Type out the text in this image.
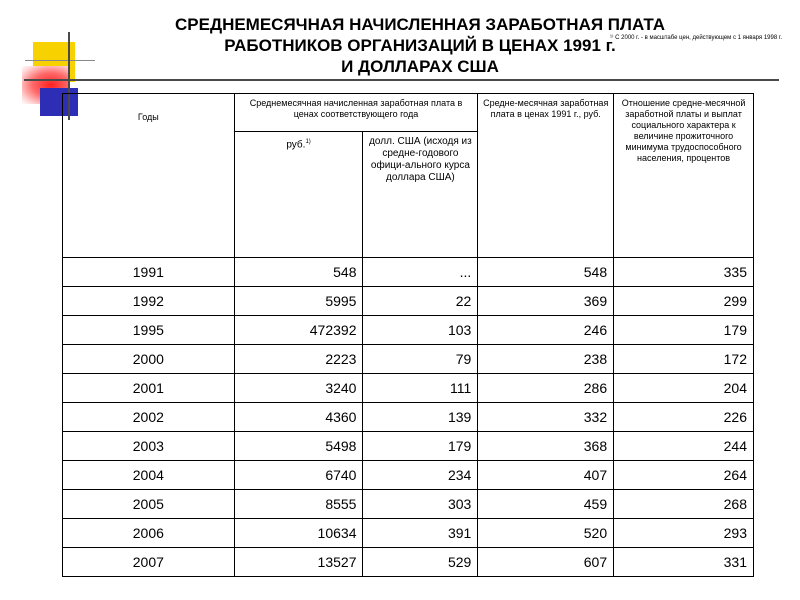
СРЕДНЕМЕСЯЧНАЯ НАЧИСЛЕННАЯ ЗАРАБОТНАЯ ПЛАТА
РАБОТНИКОВ ОРГАНИЗАЦИЙ В ЦЕНАХ 1991 г.
И ДОЛЛАРАХ США
¹⁾ С 2000 г. - в масштабе цен, действующем с 1 января 1998 г.
Годы	Среднемесячная начисленная заработная плата в ценах соответствующего года		Средне-месячная заработная плата в ценах 1991 г., руб.	Отношение средне-месячной заработной платы и выплат социального характера к величине прожиточного минимума трудоспособного населения, процентов
	руб.$^{1)}$	долл. США (исходя из средне-годового офици-ального курса доллара США)		
1991	548	...	548	335
1992	5995	22	369	299
1995	472392	103	246	179
2000	2223	79	238	172
2001	3240	111	286	204
2002	4360	139	332	226
2003	5498	179	368	244
2004	6740	234	407	264
2005	8555	303	459	268
2006	10634	391	520	293
2007	13527	529	607	331
